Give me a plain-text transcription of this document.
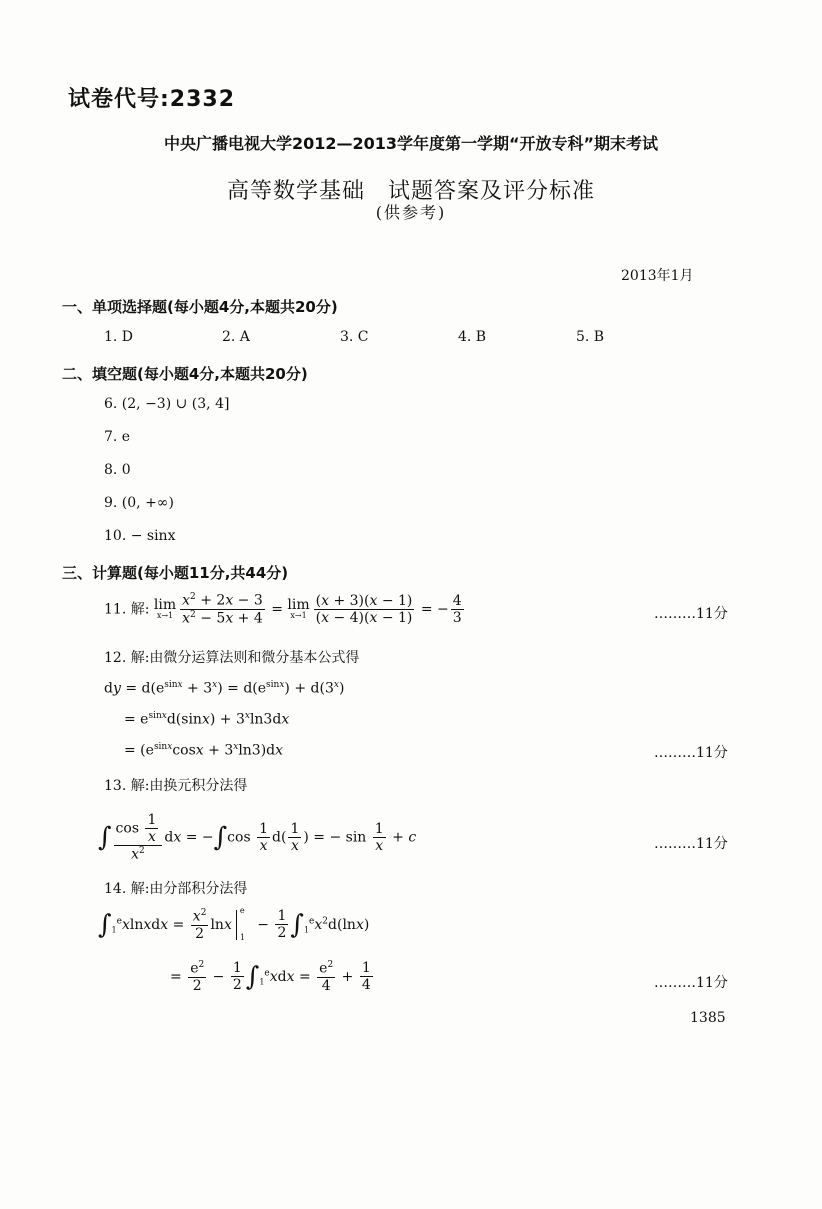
试卷代号:2332
中央广播电视大学2012—2013学年度第一学期“开放专科”期末考试
高等数学基础　试题答案及评分标准
(供参考)
2013年1月
一、单项选择题(每小题4分,本题共20分)
1. D	2. A	3. C	4. B	5. B
二、填空题(每小题4分,本题共20分)
6. (2, −3) ∪ (3, 4]
7. e
8. 0
9. (0, +∞)
10. − sinx
三、计算题(每小题11分,共44分)
11. 解: lim
$x\to 1 \frac{x^2 + 2x - 3}{x^2 - 5x + 4} = \lim$
$x\to 1 \frac{(x + 3)(x - 1)}{(x - 4)(x - 1)}$ = − $\frac{4}{3}$	………11分
12. 解:由微分运算法则和微分基本公式得
dy = $d(e^{sinx} + 3^x) = d(e^{sinx}) + d(3^x)$
= $e^{sinx}d(\sin x) + 3^x\ln 3dx$
= $(e^{sinx}\cos x + 3^x\ln 3)dx$	………11分
13. 解:由换元积分法得
∫ $\frac{\cos \frac{1}{x}}{x^2}$ dx = $-\int\cos \frac{1}{x} d( \frac{1}{x}$ ) = − $\sin \frac{1}{x} + c$	………11分
14. 解:由分部积分法得
$\int_1^exlnxdx = \frac{x^2}{2}$ lnx
e
1
− $\frac{1}{2} \int_1^ex^2d(\ln x)$
= $\frac{e^2}{2} - \frac{1}{2} \int_1^exdx = \frac{e^2}{4} + \frac{1}{4}$	………11分
1385
